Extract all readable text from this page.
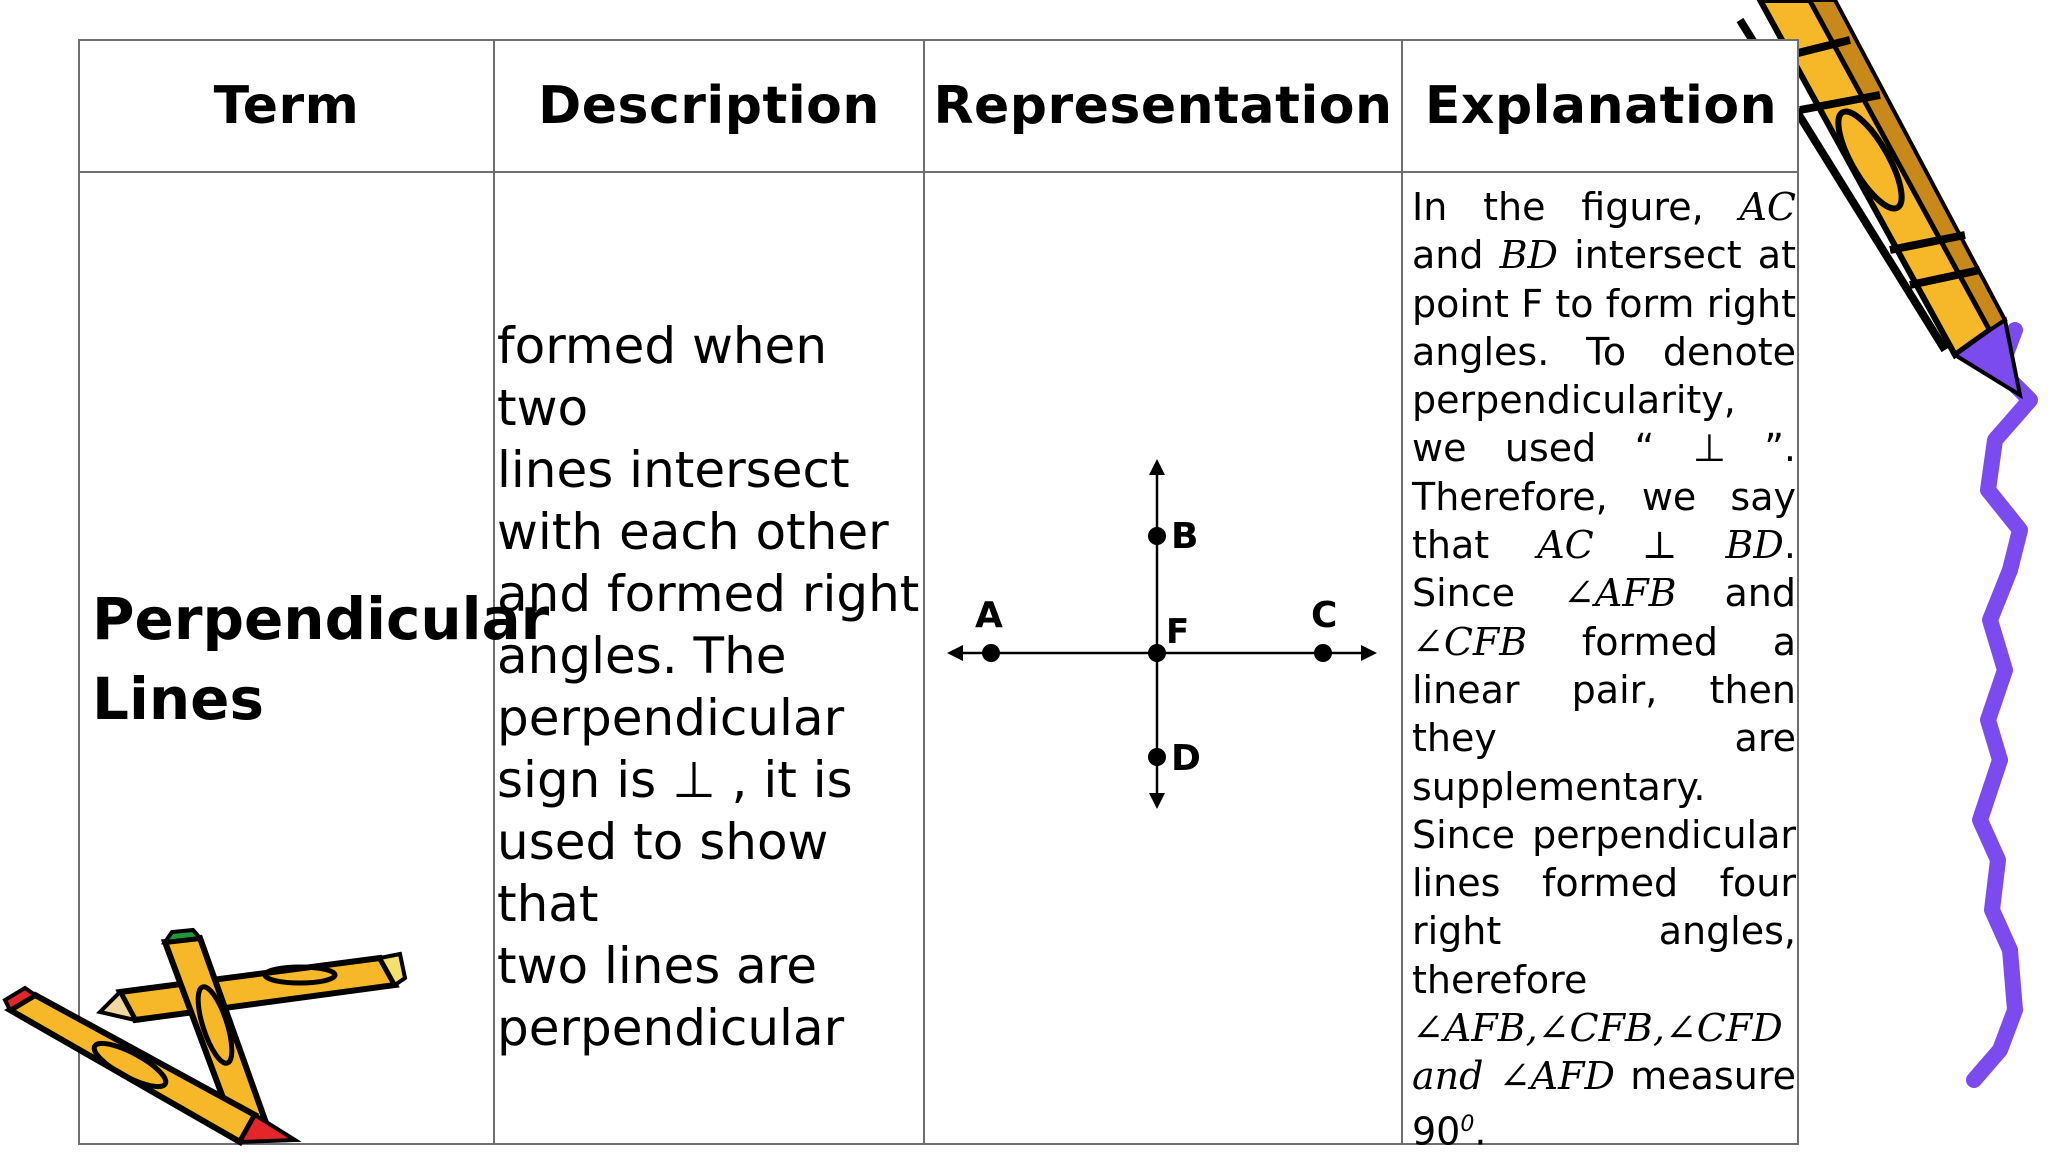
Term	Description Representation Explanation
Perpendicular
Lines

formed when two
lines intersect
with each other
and formed right
angles. The
perpendicular
sign is ⊥ , it is
used to show that
two lines are
perpendicular

A
B
C
D
F

In the figure, AC and BD intersect at point F to form right angles. To denote perpendicularity, we used “ ⊥ ”. Therefore, we say that AC ⊥ BD. Since ∠AFB and ∠CFB formed a linear pair, then they are supplementary. Since perpendicular lines formed four right angles, therefore ∠AFB,∠CFB,∠CFD and ∠AFD measure $90^0$.
